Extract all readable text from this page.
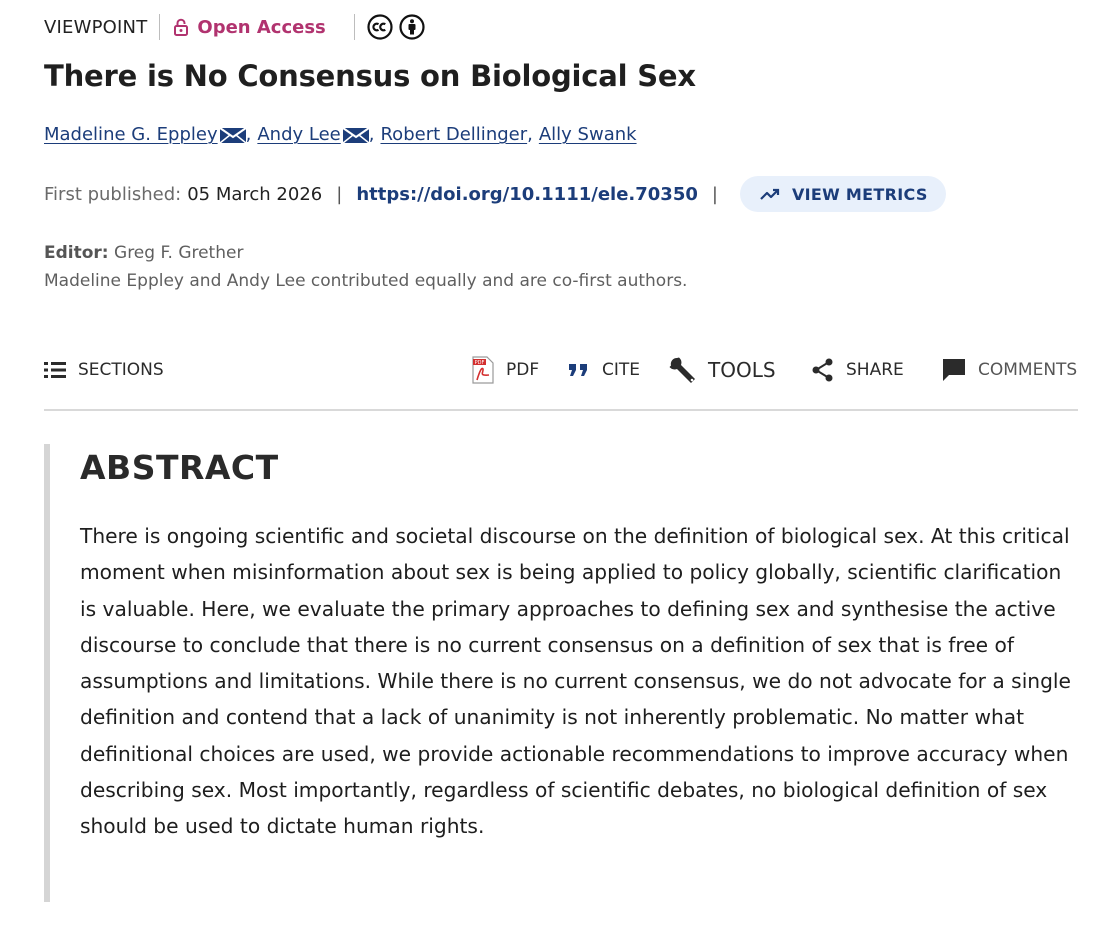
VIEWPOINT	Open Access
There is No Consensus on Biological Sex
Madeline G. Eppley , Andy Lee , Robert Dellinger , Ally Swank
First published: 05 March 2026 | https://doi.org/10.1111/ele.70350 |	VIEW METRICS
Editor: Greg F. Grether
Madeline Eppley and Andy Lee contributed equally and are co-first authors.
SECTIONS	PDF PDF	CITE	TOOLS	SHARE	COMMENTS
ABSTRACT

There is ongoing scientific and societal discourse on the definition of biological sex. At this critical moment when misinformation about sex is being applied to policy globally, scientific clarification is valuable. Here, we evaluate the primary approaches to defining sex and synthesise the active discourse to conclude that there is no current consensus on a definition of sex that is free of assumptions and limitations. While there is no current consensus, we do not advocate for a single definition and contend that a lack of unanimity is not inherently problematic. No matter what definitional choices are used, we provide actionable recommendations to improve accuracy when describing sex. Most importantly, regardless of scientific debates, no biological definition of sex should be used to dictate human rights.
